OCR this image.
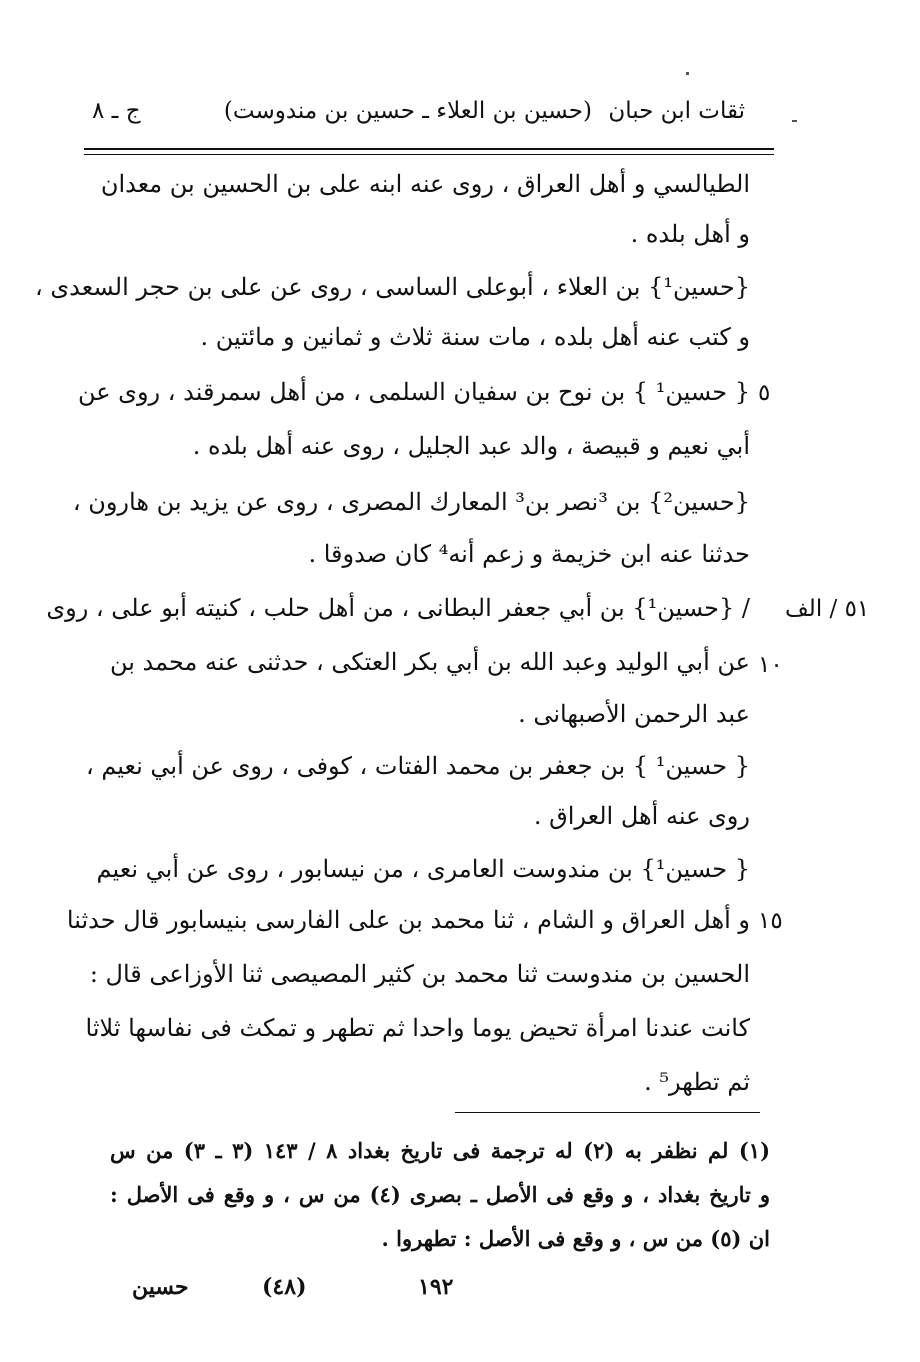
ثقات ابن حبان
(حسين بن العلاء ـ حسين بن مندوست)
ج ـ ٨
الطيالسي و أهل العراق ، روى عنه ابنه على بن الحسين بن معدان
و أهل بلده .
{حسين¹} بن العلاء ، أبوعلى الساسى ، روى عن على بن حجر السعدى ،
و كتب عنه أهل بلده ، مات سنة ثلاث و ثمانين و مائتين .
٥
{ حسين¹ } بن نوح بن سفيان السلمى ، من أهل سمرقند ، روى عن
أبي نعيم و قبيصة ، والد عبد الجليل ، روى عنه أهل بلده .
{حسين²} بن ³نصر بن³ المعارك المصرى ، روى عن يزيد بن هارون ،
حدثنا عنه ابن خزيمة و زعم أنه⁴ كان صدوقا .
٥١ / الف
/ {حسين¹} بن أبي جعفر البطانى ، من أهل حلب ، كنيته أبو على ، روى
١٠
عن أبي الوليد وعبد الله بن أبي بكر العتكى ، حدثنى عنه محمد بن
عبد الرحمن الأصبهانى .
{ حسين¹ } بن جعفر بن محمد الفتات ، كوفى ، روى عن أبي نعيم ،
روى عنه أهل العراق .
{ حسين¹} بن مندوست العامرى ، من نيسابور ، روى عن أبي نعيم
١٥
و أهل العراق و الشام ، ثنا محمد بن على الفارسى بنيسابور قال حدثنا
الحسين بن مندوست ثنا محمد بن كثير المصيصى ثنا الأوزاعى قال :
كانت عندنا امرأة تحيض يوما واحدا ثم تطهر و تمكث فى نفاسها ثلاثا
ثم تطهر⁵ .
(١) لم نظفر به (٢) له ترجمة فى تاريخ بغداد ٨ / ١٤٣ (٣ ـ ٣) من س
و تاريخ بغداد ، و وقع فى الأصل ـ بصرى (٤) من س ، و وقع فى الأصل :
ان (٥) من س ، و وقع فى الأصل : تطهروا .
١٩٢
(٤٨)
حسين
